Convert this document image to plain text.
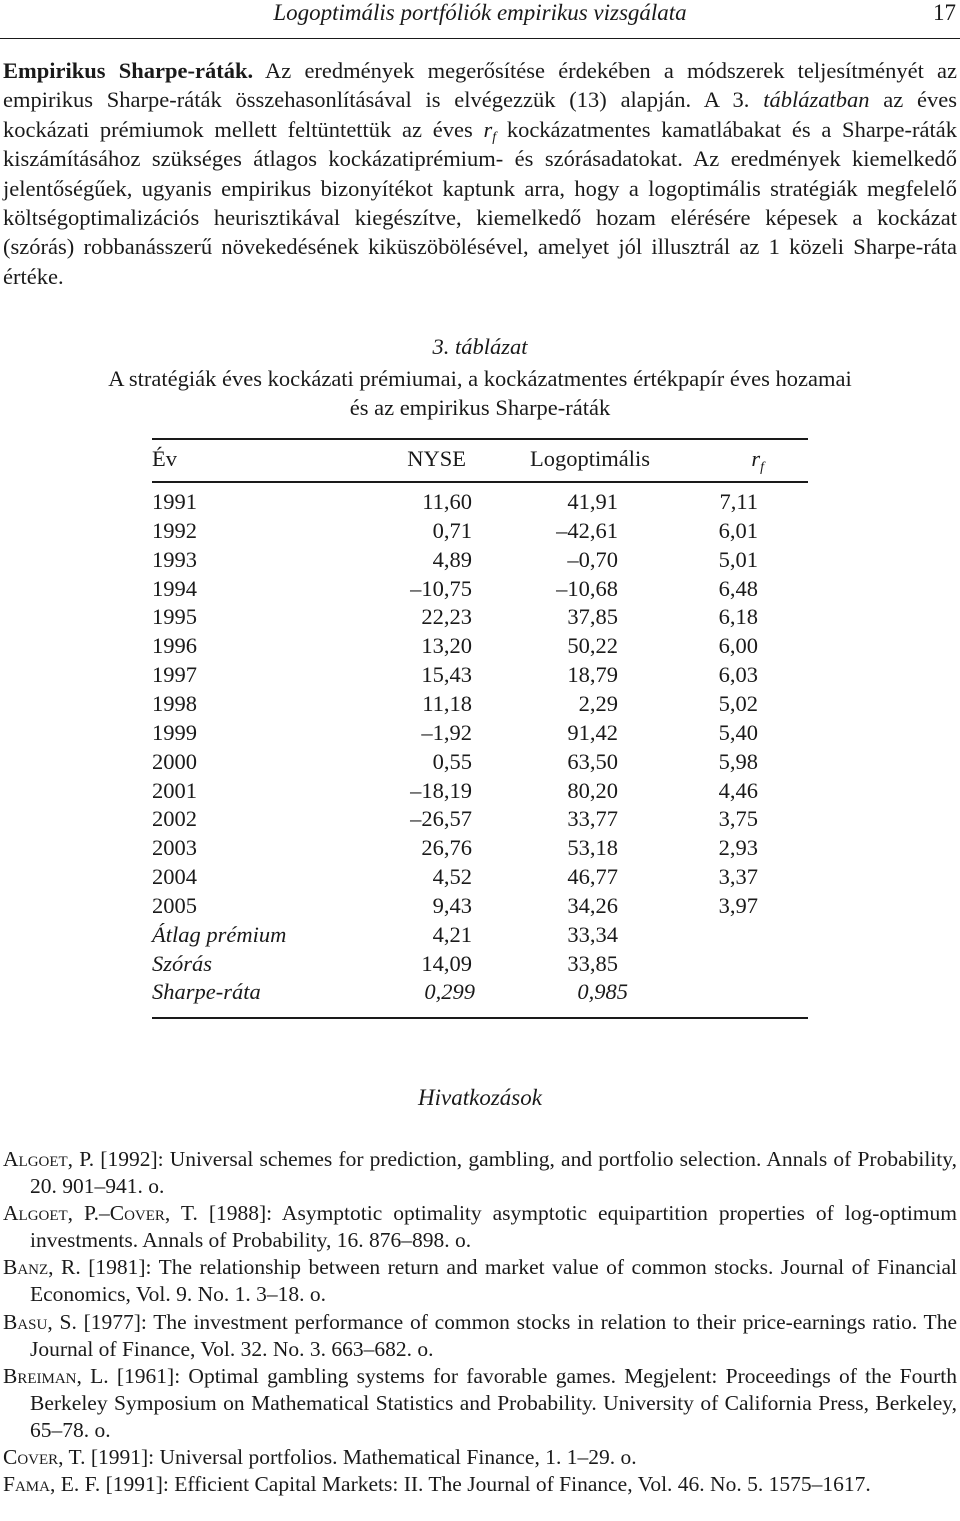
Logoptimális portfóliók empirikus vizsgálata	17
Empirikus Sharpe-ráták. Az eredmények megerősítése érdekében a módszerek teljesítményét az empirikus Sharpe-ráták összehasonlításával is elvégezzük (13) alapján. A 3. táblázatban az éves kockázati prémiumok mellett feltüntettük az éves $r_f$ kockázatmentes kamatlábakat és a Sharpe-ráták kiszámításához szükséges átlagos kockázatiprémium- és szórásadatokat. Az eredmények kiemelkedő jelentőségűek, ugyanis empirikus bizonyítékot kaptunk arra, hogy a logoptimális stratégiák megfelelő költségoptimalizációs heurisztikával kiegészítve, kiemelkedő hozam elérésére képesek a kockázat (szórás) robbanásszerű növekedésének kiküszöbölésével, amelyet jól illusztrál az 1 közeli Sharpe-ráta értéke.
3. táblázat
A stratégiák éves kockázati prémiumai, a kockázatmentes értékpapír éves hozamai
és az empirikus Sharpe-ráták
Év	NYSE	Logoptimális	$r_f$
1991	11,60	41,91	7,11
1992	0,71	–42,61	6,01
1993	4,89	–0,70	5,01
1994	–10,75	–10,68	6,48
1995	22,23	37,85	6,18
1996	13,20	50,22	6,00
1997	15,43	18,79	6,03
1998	11,18	2,29	5,02
1999	–1,92	91,42	5,40
2000	0,55	63,50	5,98
2001	–18,19	80,20	4,46
2002	–26,57	33,77	3,75
2003	26,76	53,18	2,93
2004	4,52	46,77	3,37
2005	9,43	34,26	3,97
Átlag prémium	4,21	33,34
Szórás	14,09	33,85
Sharpe-ráta	0,299	0,985
Hivatkozások
Algoet, P. [1992]: Universal schemes for prediction, gambling, and portfolio selection. Annals of Probability, 20. 901–941. o.
Algoet, P.–Cover, T. [1988]: Asymptotic optimality asymptotic equipartition properties of log-optimum investments. Annals of Probability, 16. 876–898. o.
Banz, R. [1981]: The relationship between return and market value of common stocks. Journal of Financial Economics, Vol. 9. No. 1. 3–18. o.
Basu, S. [1977]: The investment performance of common stocks in relation to their price-earnings ratio. The Journal of Finance, Vol. 32. No. 3. 663–682. o.
Breiman, L. [1961]: Optimal gambling systems for favorable games. Megjelent: Proceedings of the Fourth Berkeley Symposium on Mathematical Statistics and Probability. University of California Press, Berkeley, 65–78. o.
Cover, T. [1991]: Universal portfolios. Mathematical Finance, 1. 1–29. o.
Fama, E. F. [1991]: Efficient Capital Markets: II. The Journal of Finance, Vol. 46. No. 5. 1575–1617.
